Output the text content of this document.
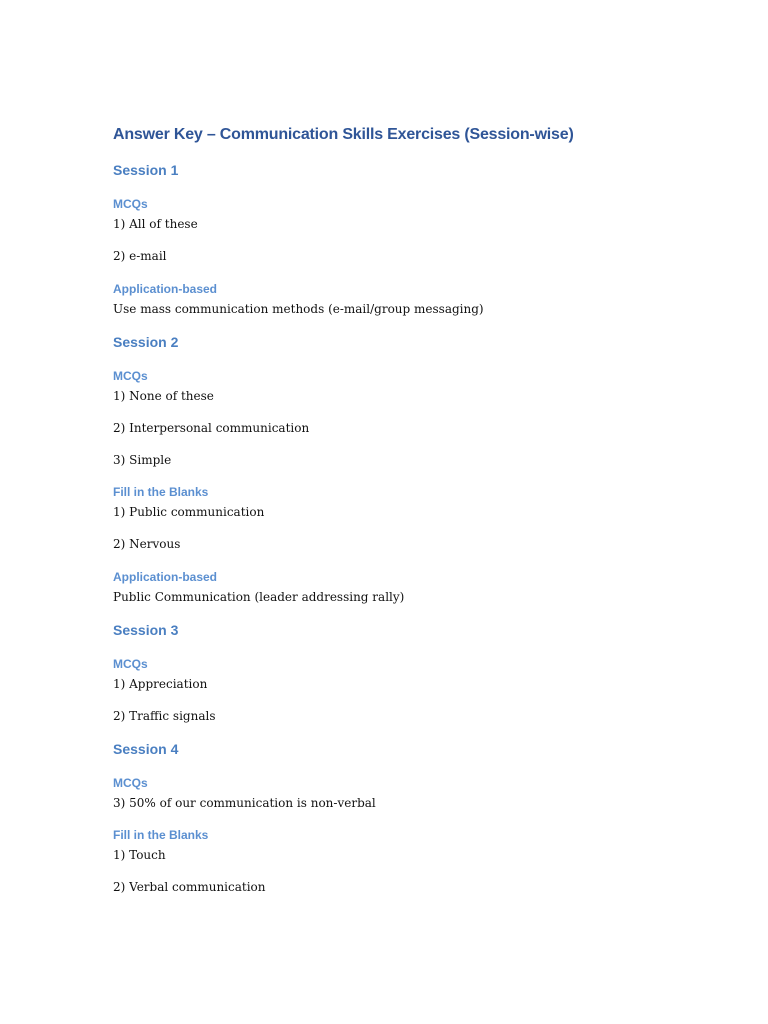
Answer Key – Communication Skills Exercises (Session-wise)
Session 1
MCQs

1) All of these

2) e-mail

Application-based

Use mass communication methods (e-mail/group messaging)

Session 2
MCQs

1) None of these

2) Interpersonal communication

3) Simple

Fill in the Blanks

1) Public communication

2) Nervous

Application-based

Public Communication (leader addressing rally)

Session 3
MCQs

1) Appreciation

2) Traffic signals

Session 4
MCQs

3) 50% of our communication is non-verbal

Fill in the Blanks

1) Touch

2) Verbal communication
